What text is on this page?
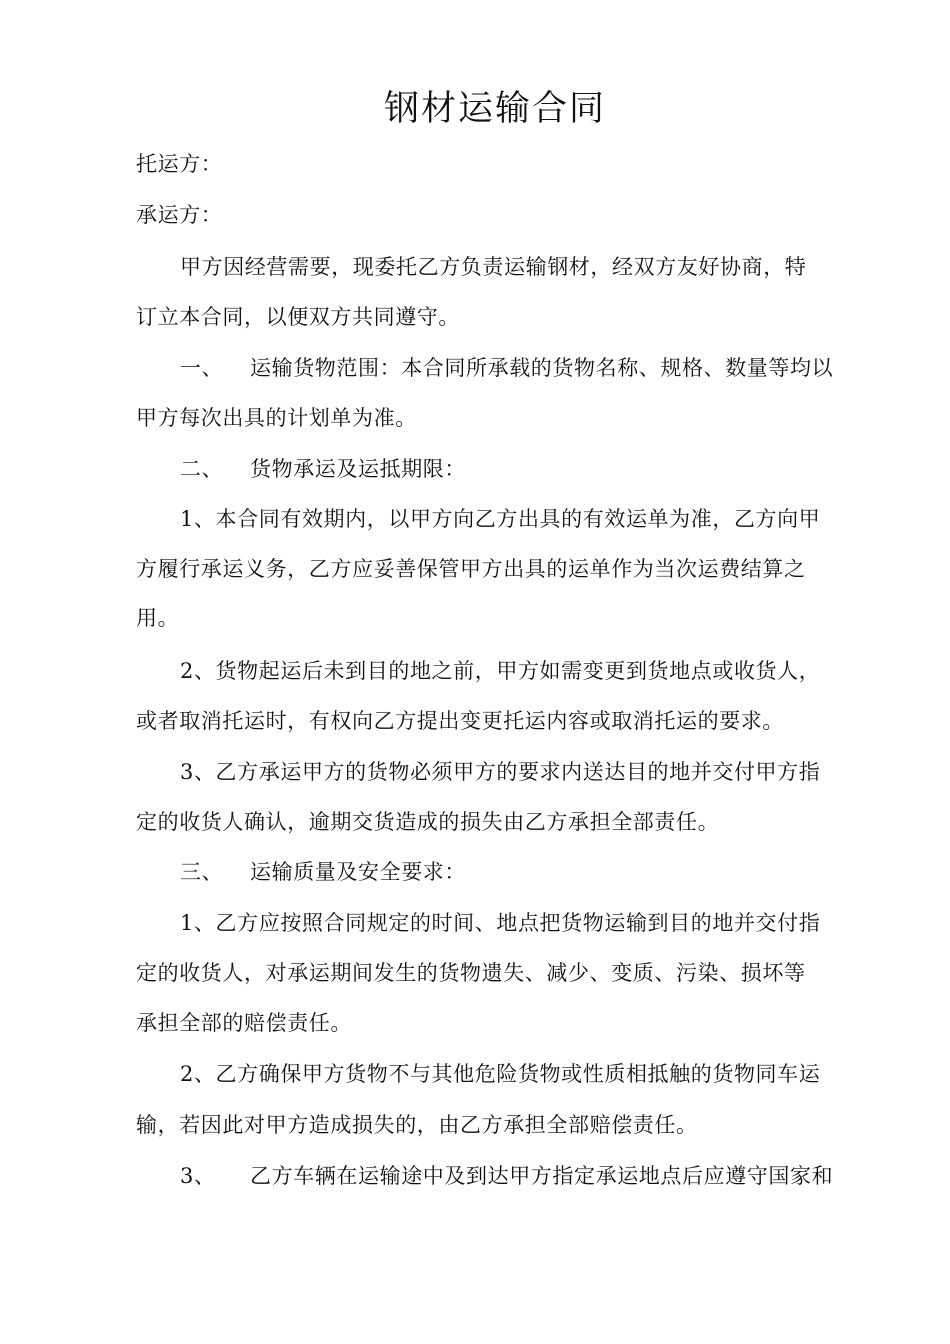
钢材运输合同
托运方：
承运方：
甲方因经营需要，现委托乙方负责运输钢材，经双方友好协商，特
订立本合同，以便双方共同遵守。
一、 运输货物范围：本合同所承载的货物名称、规格、数量等均以
甲方每次出具的计划单为准。
二、 货物承运及运抵期限：
1、本合同有效期内，以甲方向乙方出具的有效运单为准，乙方向甲
方履行承运义务，乙方应妥善保管甲方出具的运单作为当次运费结算之
用。
2、货物起运后未到目的地之前，甲方如需变更到货地点或收货人，
或者取消托运时，有权向乙方提出变更托运内容或取消托运的要求。
3、乙方承运甲方的货物必须甲方的要求内送达目的地并交付甲方指
定的收货人确认，逾期交货造成的损失由乙方承担全部责任。
三、 运输质量及安全要求：
1、乙方应按照合同规定的时间、地点把货物运输到目的地并交付指
定的收货人，对承运期间发生的货物遗失、减少、变质、污染、损坏等
承担全部的赔偿责任。
2、乙方确保甲方货物不与其他危险货物或性质相抵触的货物同车运
输，若因此对甲方造成损失的，由乙方承担全部赔偿责任。
3、 乙方车辆在运输途中及到达甲方指定承运地点后应遵守国家和
